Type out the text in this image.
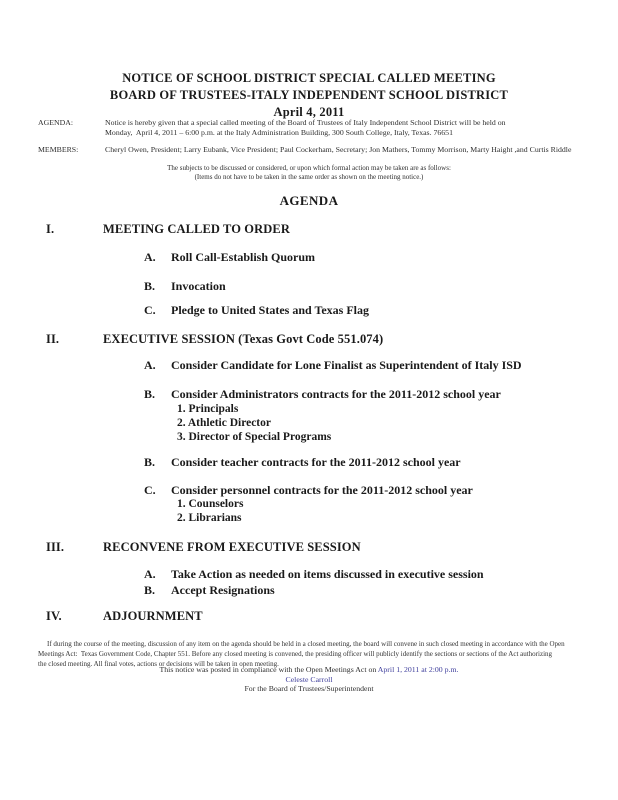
NOTICE OF SCHOOL DISTRICT SPECIAL CALLED MEETING
BOARD OF TRUSTEES-ITALY INDEPENDENT SCHOOL DISTRICT
April 4, 2011
AGENDA:	Notice is hereby given that a special called meeting of the Board of Trustees of Italy Independent School District will be held on
Monday,  April 4, 2011 – 6:00 p.m. at the Italy Administration Building, 300 South College, Italy, Texas. 76651
MEMBERS:	Cheryl Owen, President; Larry Eubank, Vice President; Paul Cockerham, Secretary; Jon Mathers, Tommy Morrison, Marty Haight ,and Curtis Riddle
The subjects to be discussed or considered, or upon which formal action may be taken are as follows:
(Items do not have to be taken in the same order as shown on the meeting notice.)
AGENDA
I.	MEETING CALLED TO ORDER
A. Roll Call-Establish Quorum
B. Invocation
C. Pledge to United States and Texas Flag
II.	EXECUTIVE SESSION (Texas Govt Code 551.074)
A. Consider Candidate for Lone Finalist as Superintendent of Italy ISD
B. Consider Administrators contracts for the 2011-2012 school year
1. Principals
2. Athletic Director
3. Director of Special Programs
B. Consider teacher contracts for the 2011-2012 school year
C. Consider personnel contracts for the 2011-2012 school year
1. Counselors
2. Librarians
III.	RECONVENE FROM EXECUTIVE SESSION
A. Take Action as needed on items discussed in executive session
B. Accept Resignations
IV.	ADJOURNMENT
If during the course of the meeting, discussion of any item on the agenda should be held in a closed meeting, the board will convene in such closed meeting in accordance with the Open
Meetings Act:  Texas Government Code, Chapter 551. Before any closed meeting is convened, the presiding officer will publicly identify the sections or sections of the Act authorizing
the closed meeting. All final votes, actions or decisions will be taken in open meeting.
This notice was posted in compliance with the Open Meetings Act on April 1, 2011 at 2:00 p.m.
Celeste Carroll
For the Board of Trustees/Superintendent
